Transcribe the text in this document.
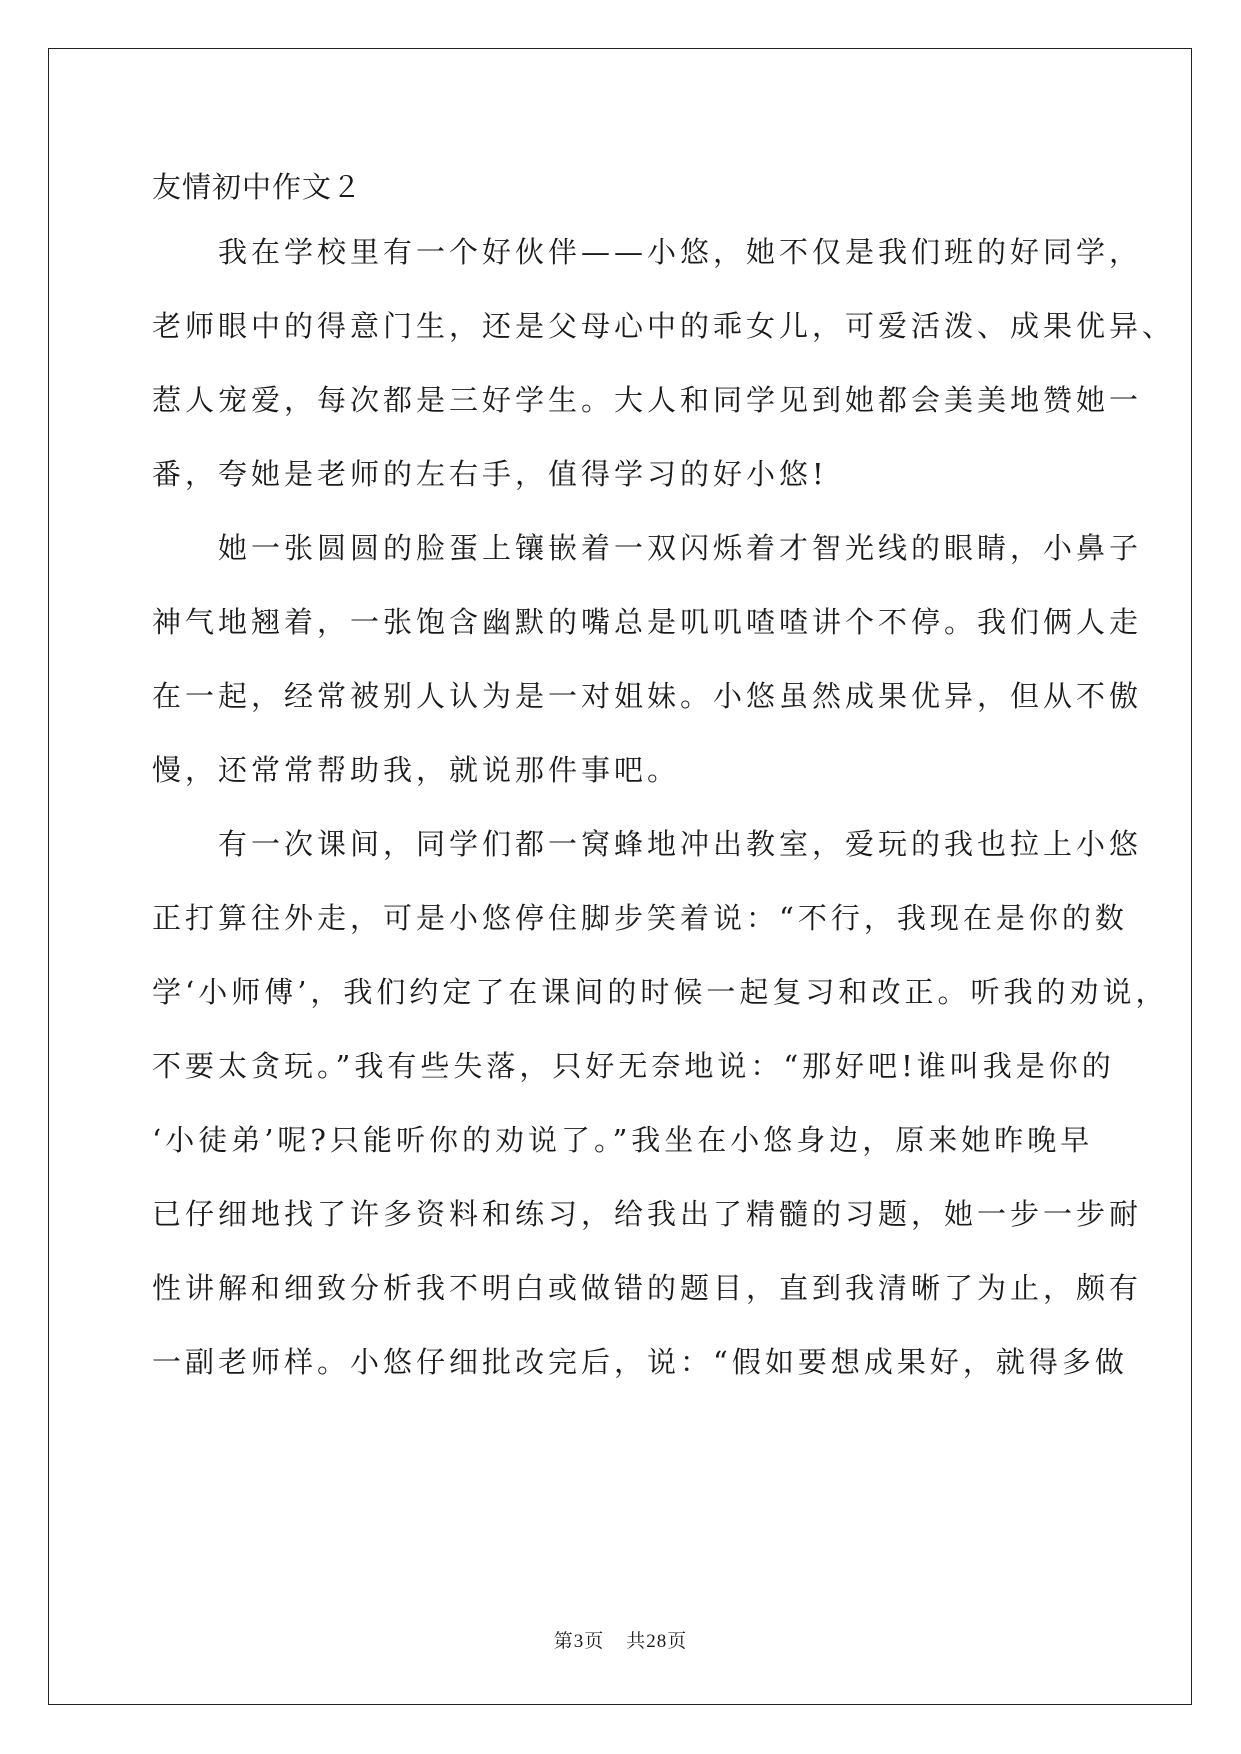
友情初中作文２
　　我在学校里有一个好伙伴——小悠，她不仅是我们班的好同学，
老师眼中的得意门生，还是父母心中的乖女儿，可爱活泼、成果优异、
惹人宠爱，每次都是三好学生。大人和同学见到她都会美美地赞她一
番，夸她是老师的左右手，值得学习的好小悠!
　　她一张圆圆的脸蛋上镶嵌着一双闪烁着才智光线的眼睛，小鼻子
神气地翘着，一张饱含幽默的嘴总是叽叽喳喳讲个不停。我们俩人走
在一起，经常被别人认为是一对姐妹。小悠虽然成果优异，但从不傲
慢，还常常帮助我，就说那件事吧。
　　有一次课间，同学们都一窝蜂地冲出教室，爱玩的我也拉上小悠
正打算往外走，可是小悠停住脚步笑着说：“不行，我现在是你的数
学‘小师傅’，我们约定了在课间的时候一起复习和改正。听我的劝说，
不要太贪玩。”我有些失落，只好无奈地说：“那好吧!谁叫我是你的
‘小徒弟’呢?只能听你的劝说了。”我坐在小悠身边，原来她昨晚早
已仔细地找了许多资料和练习，给我出了精髓的习题，她一步一步耐
性讲解和细致分析我不明白或做错的题目，直到我清晰了为止，颇有
一副老师样。小悠仔细批改完后，说：“假如要想成果好，就得多做
第3页 共28页
